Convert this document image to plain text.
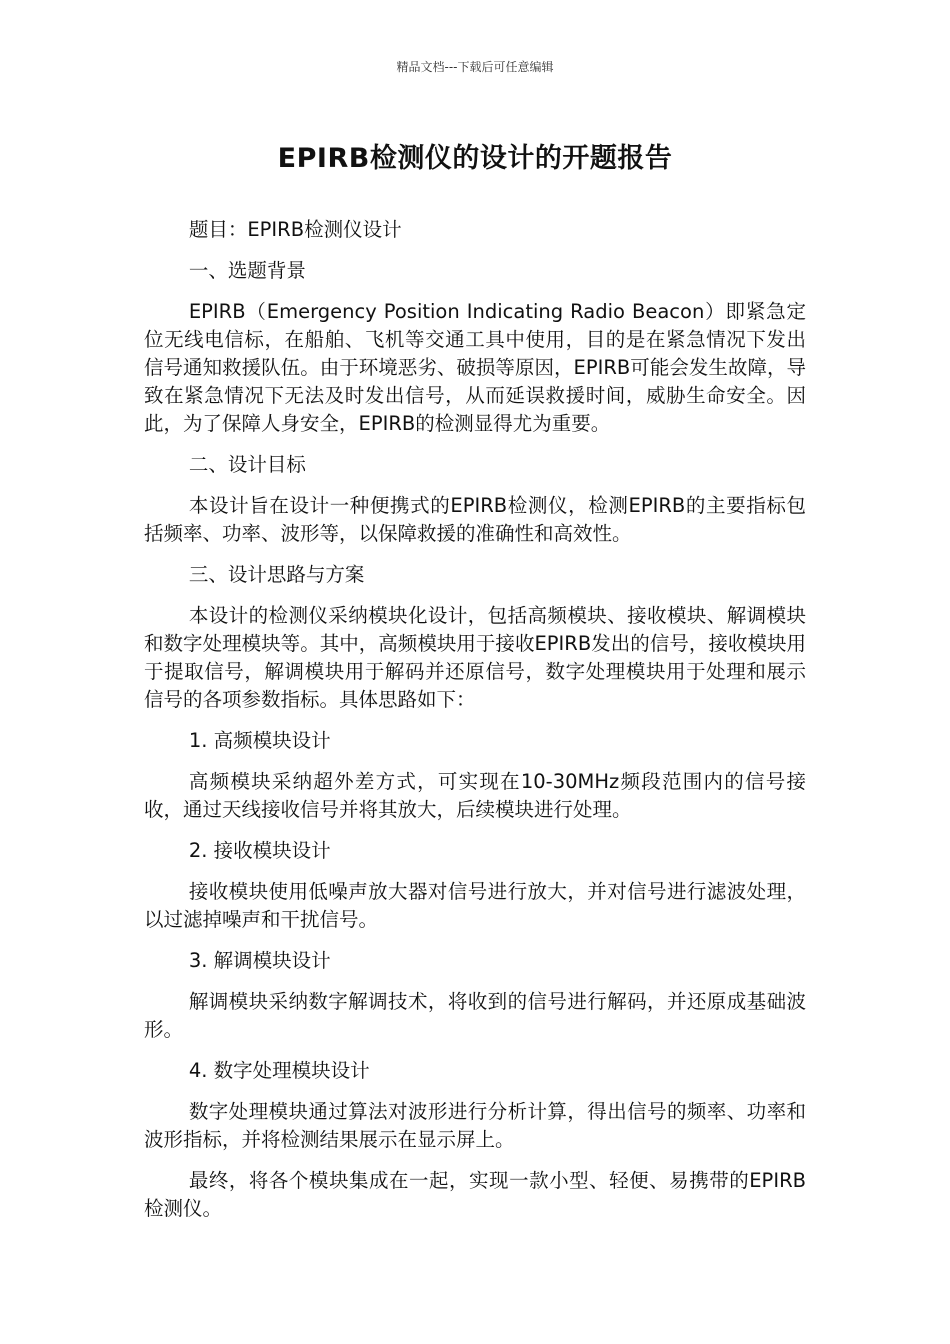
精品文档---下载后可任意编辑
EPIRB检测仪的设计的开题报告

题目：EPIRB检测仪设计

一、选题背景

EPIRB（Emergency Position Indicating Radio Beacon）即紧急定位无线电信标，在船舶、飞机等交通工具中使用，目的是在紧急情况下发出信号通知救援队伍。由于环境恶劣、破损等原因，EPIRB可能会发生故障，导致在紧急情况下无法及时发出信号，从而延误救援时间，威胁生命安全。因此，为了保障人身安全，EPIRB的检测显得尤为重要。

二、设计目标

本设计旨在设计一种便携式的EPIRB检测仪，检测EPIRB的主要指标包括频率、功率、波形等，以保障救援的准确性和高效性。

三、设计思路与方案

本设计的检测仪采纳模块化设计，包括高频模块、接收模块、解调模块和数字处理模块等。其中，高频模块用于接收EPIRB发出的信号，接收模块用于提取信号，解调模块用于解码并还原信号，数字处理模块用于处理和展示信号的各项参数指标。具体思路如下：

1. 高频模块设计

高频模块采纳超外差方式，可实现在10-30MHz频段范围内的信号接收，通过天线接收信号并将其放大，后续模块进行处理。

2. 接收模块设计

接收模块使用低噪声放大器对信号进行放大，并对信号进行滤波处理，以过滤掉噪声和干扰信号。

3. 解调模块设计

解调模块采纳数字解调技术，将收到的信号进行解码，并还原成基础波形。

4. 数字处理模块设计

数字处理模块通过算法对波形进行分析计算，得出信号的频率、功率和波形指标，并将检测结果展示在显示屏上。

最终，将各个模块集成在一起，实现一款小型、轻便、易携带的EPIRB检测仪。
